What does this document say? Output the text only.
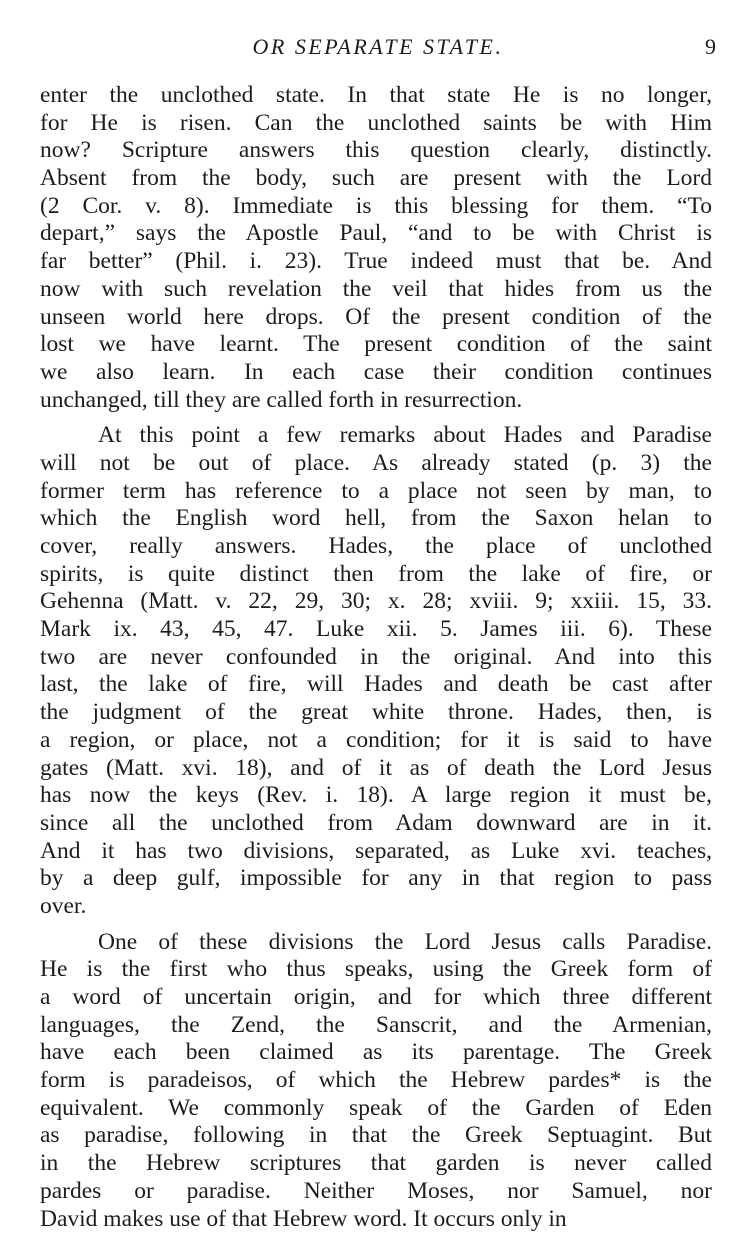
OR SEPARATE STATE.	9
enter the unclothed state. In that state He is no longer,
for He is risen. Can the unclothed saints be with Him
now? Scripture answers this question clearly, distinctly.
Absent from the body, such are present with the Lord
(2 Cor. v. 8). Immediate is this blessing for them. “To
depart,” says the Apostle Paul, “and to be with Christ is
far better” (Phil. i. 23). True indeed must that be. And
now with such revelation the veil that hides from us the
unseen world here drops. Of the present condition of the
lost we have learnt. The present condition of the saint
we also learn. In each case their condition continues
unchanged, till they are called forth in resurrection.
At this point a few remarks about Hades and Paradise
will not be out of place. As already stated (p. 3) the
former term has reference to a place not seen by man, to
which the English word hell, from the Saxon helan to
cover, really answers. Hades, the place of unclothed
spirits, is quite distinct then from the lake of fire, or
Gehenna (Matt. v. 22, 29, 30; x. 28; xviii. 9; xxiii. 15, 33.
Mark ix. 43, 45, 47. Luke xii. 5. James iii. 6). These
two are never confounded in the original. And into this
last, the lake of fire, will Hades and death be cast after
the judgment of the great white throne. Hades, then, is
a region, or place, not a condition; for it is said to have
gates (Matt. xvi. 18), and of it as of death the Lord Jesus
has now the keys (Rev. i. 18). A large region it must be,
since all the unclothed from Adam downward are in it.
And it has two divisions, separated, as Luke xvi. teaches,
by a deep gulf, impossible for any in that region to pass
over.
One of these divisions the Lord Jesus calls Paradise.
He is the first who thus speaks, using the Greek form of
a word of uncertain origin, and for which three different
languages, the Zend, the Sanscrit, and the Armenian,
have each been claimed as its parentage. The Greek
form is paradeisos, of which the Hebrew pardes* is the
equivalent. We commonly speak of the Garden of Eden
as paradise, following in that the Greek Septuagint. But
in the Hebrew scriptures that garden is never called
pardes or paradise. Neither Moses, nor Samuel, nor
David makes use of that Hebrew word. It occurs only in
